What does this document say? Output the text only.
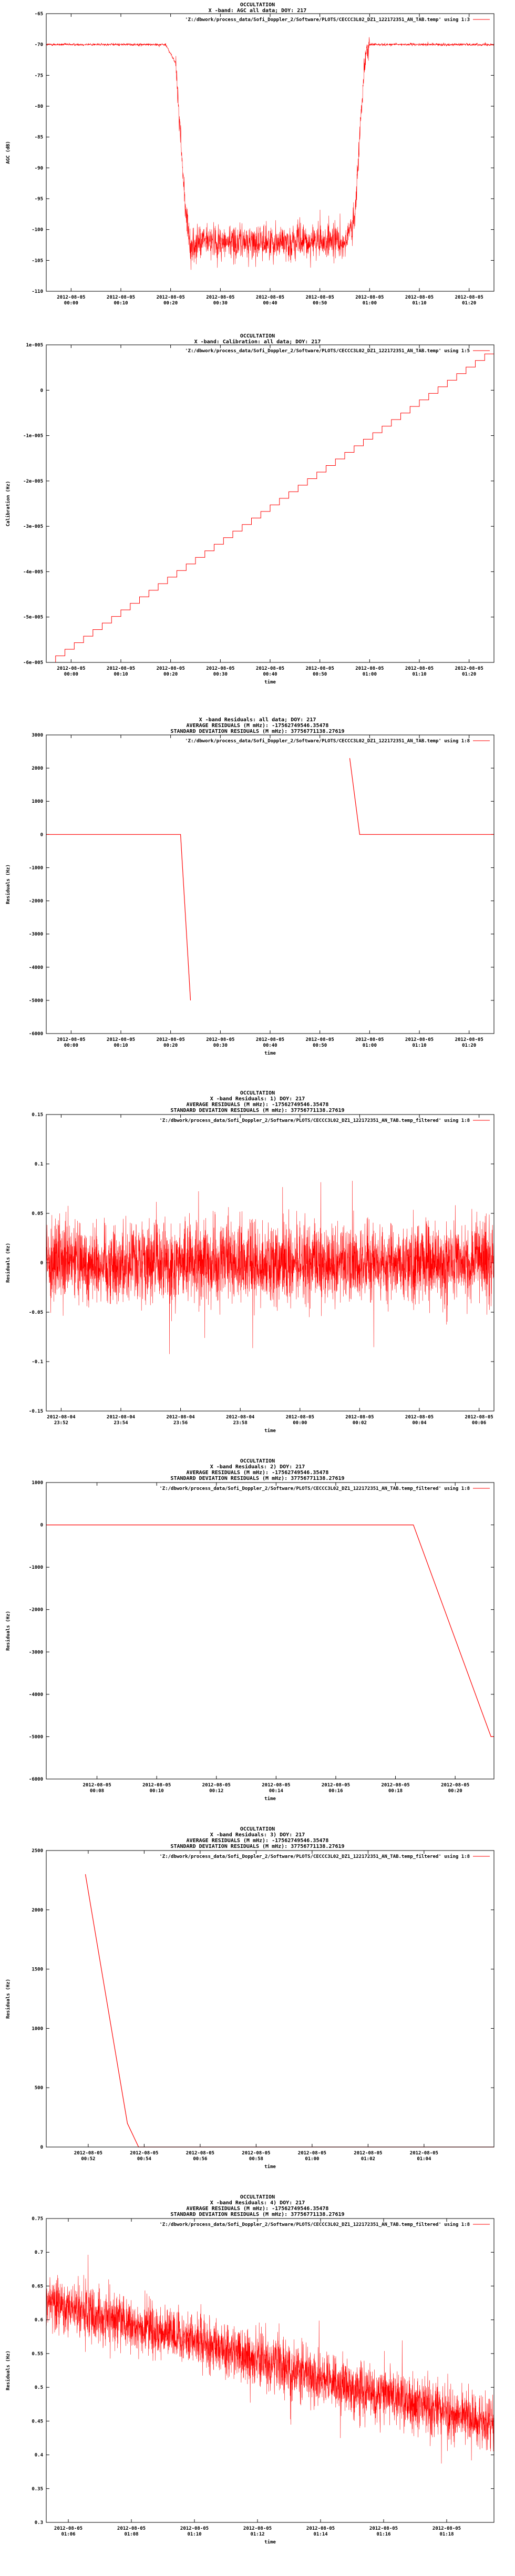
OCCULTATION
X -band: AGC all data; DOY: 217
-65
-70
-75
-80
-85
-90
-95
-100
-105
-110
2012-08-05
00:00
2012-08-05
00:10
2012-08-05
00:20
2012-08-05
00:30
2012-08-05
00:40
2012-08-05
00:50
2012-08-05
01:00
2012-08-05
01:10
2012-08-05
01:20
AGC (dB)
'Z:/dbwork/process_data/Sofi_Doppler_2/Software/PLOTS/CECCC3L02_DZ1_122172351_AN_TAB.temp' using 1:3
OCCULTATION
X -band: Calibration: all data; DOY: 217
1e-005
0
-1e-005
-2e-005
-3e-005
-4e-005
-5e-005
-6e-005
2012-08-05
00:00
2012-08-05
00:10
2012-08-05
00:20
2012-08-05
00:30
2012-08-05
00:40
2012-08-05
00:50
2012-08-05
01:00
2012-08-05
01:10
2012-08-05
01:20
time
Calibration (Hz)
'Z:/dbwork/process_data/Sofi_Doppler_2/Software/PLOTS/CECCC3L02_DZ1_122172351_AN_TAB.temp' using 1:5
X -band Residuals: all data; DOY: 217
AVERAGE RESIDUALS (M mHz): -17562749546.35478
STANDARD DEVIATION RESIDUALS (M mHz): 37756771138.27619
3000
2000
1000
0
-1000
-2000
-3000
-4000
-5000
-6000
2012-08-05
00:00
2012-08-05
00:10
2012-08-05
00:20
2012-08-05
00:30
2012-08-05
00:40
2012-08-05
00:50
2012-08-05
01:00
2012-08-05
01:10
2012-08-05
01:20
time
Residuals (Hz)
'Z:/dbwork/process_data/Sofi_Doppler_2/Software/PLOTS/CECCC3L02_DZ1_122172351_AN_TAB.temp' using 1:8
OCCULTATION
X -band Residuals: 1) DOY: 217
AVERAGE RESIDUALS (M mHz): -17562749546.35478
STANDARD DEVIATION RESIDUALS (M mHz): 37756771138.27619
0.15
0.1
0.05
0
-0.05
-0.1
-0.15
2012-08-04
23:52
2012-08-04
23:54
2012-08-04
23:56
2012-08-04
23:58
2012-08-05
00:00
2012-08-05
00:02
2012-08-05
00:04
2012-08-05
00:06
time
Residuals (Hz)
'Z:/dbwork/process_data/Sofi_Doppler_2/Software/PLOTS/CECCC3L02_DZ1_122172351_AN_TAB.temp_filtered' using 1:8
OCCULTATION
X -band Residuals: 2) DOY: 217
AVERAGE RESIDUALS (M mHz): -17562749546.35478
STANDARD DEVIATION RESIDUALS (M mHz): 37756771138.27619
1000
0
-1000
-2000
-3000
-4000
-5000
-6000
2012-08-05
00:08
2012-08-05
00:10
2012-08-05
00:12
2012-08-05
00:14
2012-08-05
00:16
2012-08-05
00:18
2012-08-05
00:20
time
Residuals (Hz)
'Z:/dbwork/process_data/Sofi_Doppler_2/Software/PLOTS/CECCC3L02_DZ1_122172351_AN_TAB.temp_filtered' using 1:8
OCCULTATION
X -band Residuals: 3) DOY: 217
AVERAGE RESIDUALS (M mHz): -17562749546.35478
STANDARD DEVIATION RESIDUALS (M mHz): 37756771138.27619
2500
2000
1500
1000
500
0
2012-08-05
00:52
2012-08-05
00:54
2012-08-05
00:56
2012-08-05
00:58
2012-08-05
01:00
2012-08-05
01:02
2012-08-05
01:04
time
Residuals (Hz)
'Z:/dbwork/process_data/Sofi_Doppler_2/Software/PLOTS/CECCC3L02_DZ1_122172351_AN_TAB.temp_filtered' using 1:8
OCCULTATION
X -band Residuals: 4) DOY: 217
AVERAGE RESIDUALS (M mHz): -17562749546.35478
STANDARD DEVIATION RESIDUALS (M mHz): 37756771138.27619
0.75
0.7
0.65
0.6
0.55
0.5
0.45
0.4
0.35
0.3
2012-08-05
01:06
2012-08-05
01:08
2012-08-05
01:10
2012-08-05
01:12
2012-08-05
01:14
2012-08-05
01:16
2012-08-05
01:18
time
Residuals (Hz)
'Z:/dbwork/process_data/Sofi_Doppler_2/Software/PLOTS/CECCC3L02_DZ1_122172351_AN_TAB.temp_filtered' using 1:8
